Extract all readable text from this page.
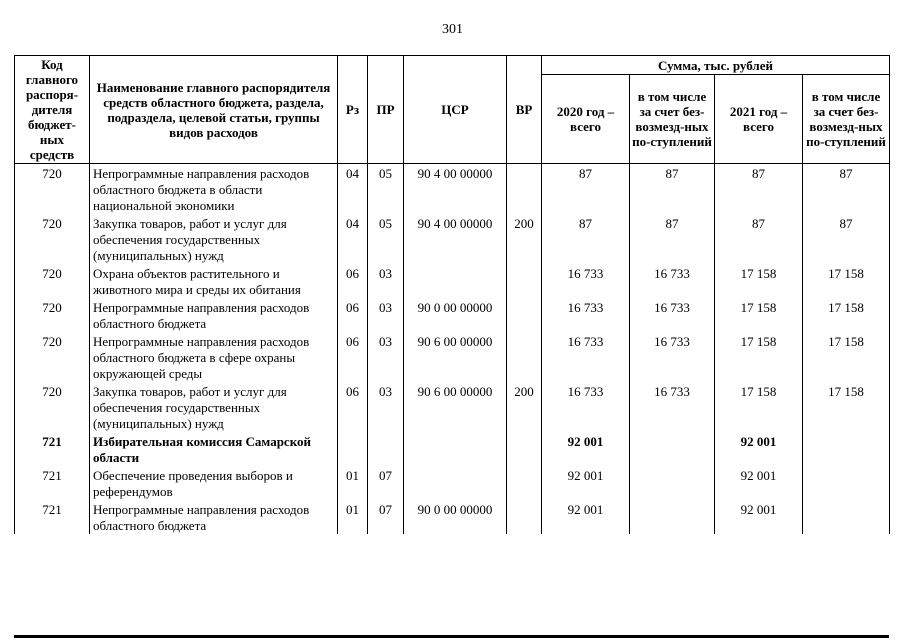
301
Код главного распоря-дителя бюджет-ных средств	Наименование главного распорядителя средств областного бюджета, раздела, подраздела, целевой статьи, группы видов расходов	Рз	ПР	ЦСР	ВР	Сумма, тыс. рублей			
						2020 год – всего	в том числе за счет без-возмезд-ных по-ступлений	2021 год – всего	в том числе за счет без-возмезд-ных по-ступлений
720	Непрограммные направления расходов областного бюджета в области национальной экономики	04	05	90 4 00 00000		87	87	87	87
720	Закупка товаров, работ и услуг для обеспечения государственных (муниципальных) нужд	04	05	90 4 00 00000	200	87	87	87	87
720	Охрана объектов растительного и животного мира и среды их обитания	06	03			16 733	16 733	17 158	17 158
720	Непрограммные направления расходов областного бюджета	06	03	90 0 00 00000		16 733	16 733	17 158	17 158
720	Непрограммные направления расходов областного бюджета в сфере охраны окружающей среды	06	03	90 6 00 00000		16 733	16 733	17 158	17 158
720	Закупка товаров, работ и услуг для обеспечения государственных (муниципальных) нужд	06	03	90 6 00 00000	200	16 733	16 733	17 158	17 158
721	Избирательная комиссия Самарской области					92 001		92 001	
721	Обеспечение проведения выборов и референдумов	01	07			92 001		92 001	
721	Непрограммные направления расходов областного бюджета	01	07	90 0 00 00000		92 001		92 001	
